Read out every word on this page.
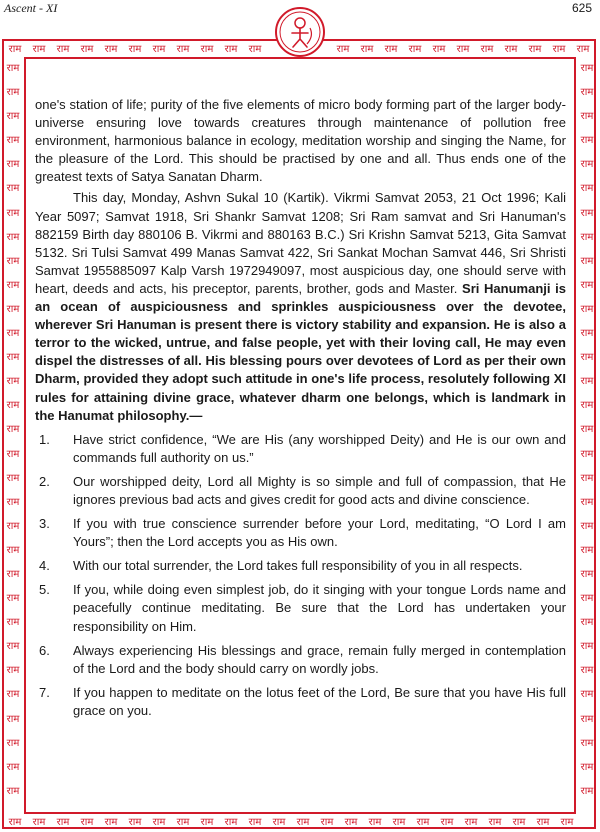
Ascent - XI	625
राम	राम	राम	राम	राम	राम	राम	राम	राम	राम	राम	राम	राम	राम	राम	राम	राम	राम	राम	राम	राम	राम
राम	राम	राम	राम	राम	राम	राम	राम	राम	राम	राम	राम	राम	राम	राम	राम	राम	राम	राम	राम	राम	राम	राम	राम
राम
राम
राम
राम
राम
राम
राम
राम
राम
राम
राम
राम
राम
राम
राम
राम
राम
राम
राम
राम
राम
राम
राम
राम
राम
राम
राम
राम
राम
राम
राम
राम
राम
राम
राम
राम
राम
राम
राम
राम
राम
राम
राम
राम
राम
राम
राम
राम
राम
राम
राम
राम
राम
राम
राम
राम
राम
राम
राम
राम
राम
राम

one's station of life; purity of the five elements of micro body forming part of the larger body-universe ensuring love towards creatures through maintenance of pollution free environment, harmonious balance in ecology, meditation worship and singing the Name, for the pleasure of the Lord. This should be practised by one and all. Thus ends one of the greatest texts of Satya Sanatan Dharm.

This day, Monday, Ashvn Sukal 10 (Kartik). Vikrmi Samvat 2053, 21 Oct 1996; Kali Year 5097; Samvat 1918, Sri Shankr Samvat 1208; Sri Ram samvat and Sri Hanuman's 882159 Birth day 880106 B. Vikrmi and 880163 B.C.) Sri Krishn Samvat 5213, Gita Samvat 5132. Sri Tulsi Samvat 499 Manas Samvat 422, Sri Sankat Mochan Samvat 446, Sri Shristi Samvat 1955885097 Kalp Varsh 1972949097, most auspicious day, one should serve with heart, deeds and acts, his preceptor, parents, brother, gods and Master. Sri Hanumanji is an ocean of auspiciousness and sprinkles auspiciousness over the devotee, wherever Sri Hanuman is present there is victory stability and expansion. He is also a terror to the wicked, untrue, and false people, yet with their loving call, He may even dispel the distresses of all. His blessing pours over devotees of Lord as per their own Dharm, provided they adopt such attitude in one's life process, resolutely following XI rules for attaining divine grace, whatever dharm one belongs, which is landmark in the Hanumat philosophy.—

1.	Have strict confidence, “We are His (any worshipped Deity) and He is our own and commands full authority on us.”
2.	Our worshipped deity, Lord all Mighty is so simple and full of compassion, that He ignores previous bad acts and gives credit for good acts and divine conscience.
3.	If you with true conscience surrender before your Lord, meditating, “O Lord I am Yours”; then the Lord accepts you as His own.
4.	With our total surrender, the Lord takes full responsibility of you in all respects.
5.	If you, while doing even simplest job, do it singing with your tongue Lords name and peacefully continue meditating. Be sure that the Lord has undertaken your responsibility on Him.
6.	Always experiencing His blessings and grace, remain fully merged in contemplation of the Lord and the body should carry on wordly jobs.
7.	If you happen to meditate on the lotus feet of the Lord, Be sure that you have His full grace on you.
